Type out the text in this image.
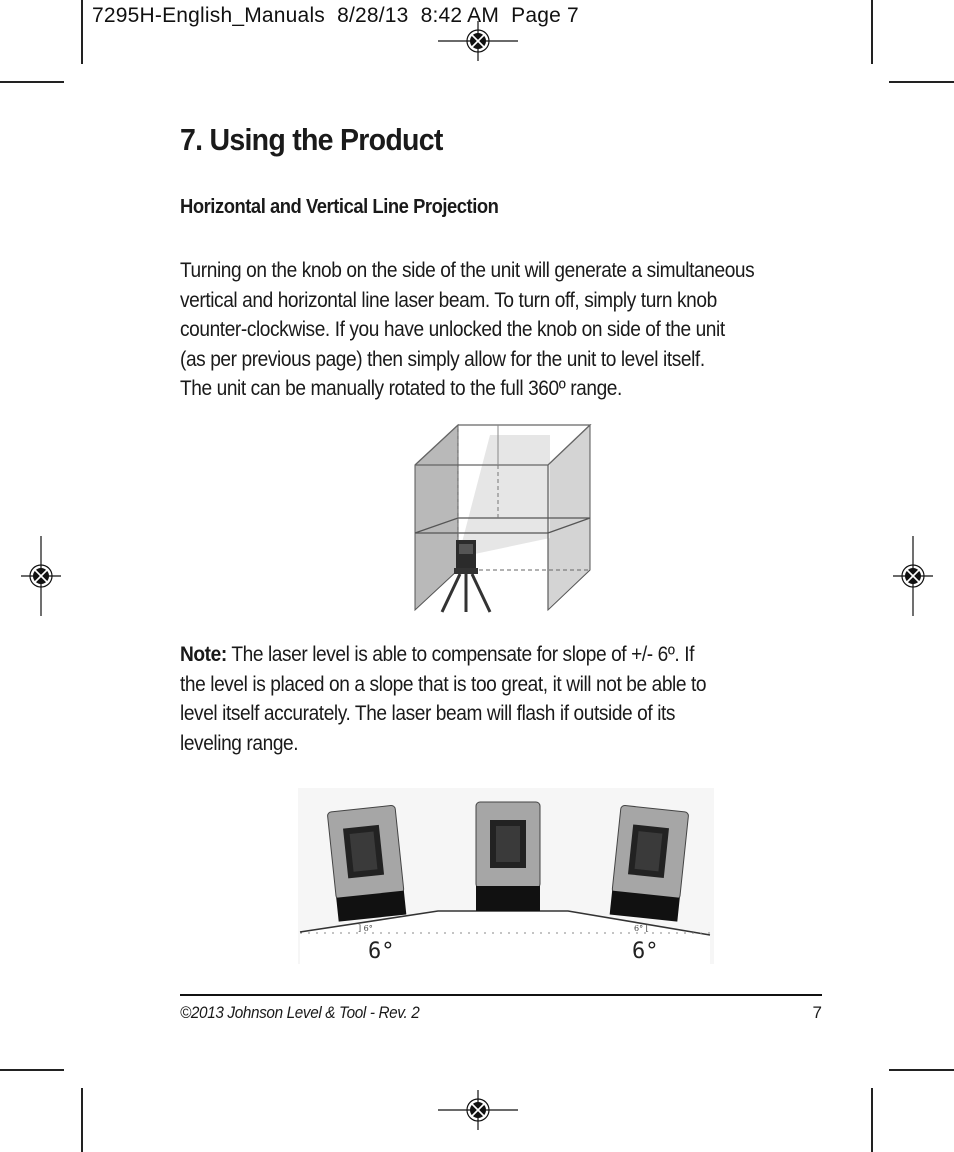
7295H-English_Manuals  8/28/13  8:42 AM  Page 7
7. Using the Product
Horizontal and Vertical Line Projection

Turning on the knob on the side of the unit will generate a simultaneous
vertical and horizontal line laser beam. To turn off, simply turn knob
counter-clockwise. If you have unlocked the knob on side of the unit
(as per previous page) then simply allow for the unit to level itself.
The unit can be manually rotated to the full 360º range.

Note: The laser level is able to compensate for slope of +/- 6º. If
the level is placed on a slope that is too great, it will not be able to
level itself accurately. The laser beam will flash if outside of its
leveling range.

] 6°	6° [
6°	6°
©2013 Johnson Level & Tool - Rev. 2	7
